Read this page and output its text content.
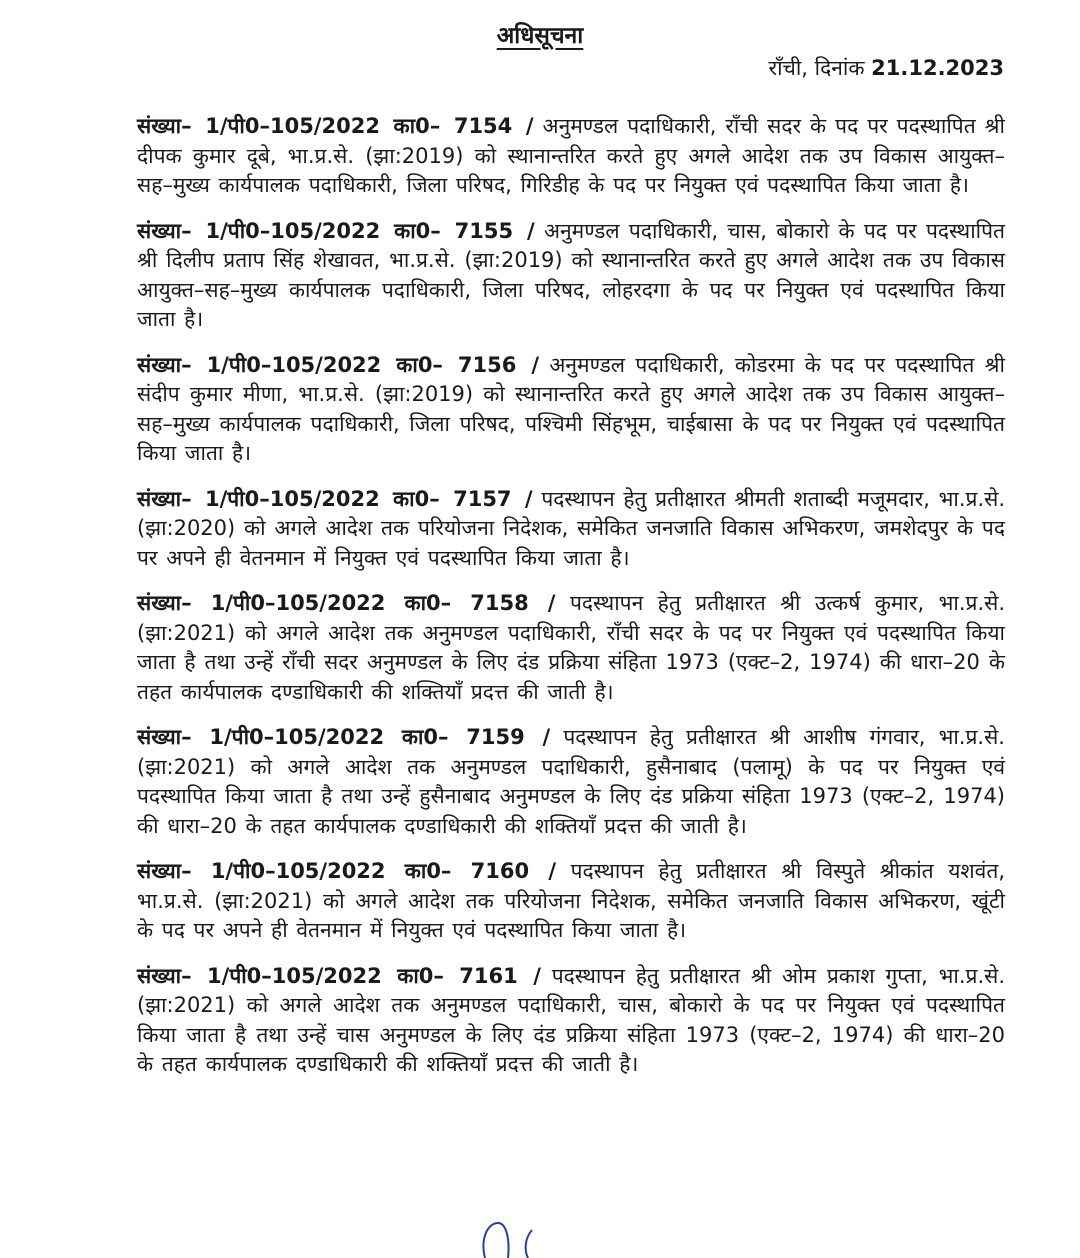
अधिसूचना
राँची, दिनांक 21.12.2023

संख्या– 1/पी0–105/2022 का0– 7154 / अनुमण्डल पदाधिकारी, राँची सदर के पद पर पदस्थापित श्री दीपक कुमार दूबे, भा.प्र.से. (झा:2019) को स्थानान्तरित करते हुए अगले आदेश तक उप विकास आयुक्त–सह–मुख्य कार्यपालक पदाधिकारी, जिला परिषद, गिरिडीह के पद पर नियुक्त एवं पदस्थापित किया जाता है।

संख्या– 1/पी0–105/2022 का0– 7155 / अनुमण्डल पदाधिकारी, चास, बोकारो के पद पर पदस्थापित श्री दिलीप प्रताप सिंह शेखावत, भा.प्र.से. (झा:2019) को स्थानान्तरित करते हुए अगले आदेश तक उप विकास आयुक्त–सह–मुख्य कार्यपालक पदाधिकारी, जिला परिषद, लोहरदगा के पद पर नियुक्त एवं पदस्थापित किया जाता है।

संख्या– 1/पी0–105/2022 का0– 7156 / अनुमण्डल पदाधिकारी, कोडरमा के पद पर पदस्थापित श्री संदीप कुमार मीणा, भा.प्र.से. (झा:2019) को स्थानान्तरित करते हुए अगले आदेश तक उप विकास आयुक्त–सह–मुख्य कार्यपालक पदाधिकारी, जिला परिषद, पश्चिमी सिंहभूम, चाईबासा के पद पर नियुक्त एवं पदस्थापित किया जाता है।

संख्या– 1/पी0–105/2022 का0– 7157 / पदस्थापन हेतु प्रतीक्षारत श्रीमती शताब्दी मजूमदार, भा.प्र.से. (झा:2020) को अगले आदेश तक परियोजना निदेशक, समेकित जनजाति विकास अभिकरण, जमशेदपुर के पद पर अपने ही वेतनमान में नियुक्त एवं पदस्थापित किया जाता है।

संख्या– 1/पी0–105/2022 का0– 7158 / पदस्थापन हेतु प्रतीक्षारत श्री उत्कर्ष कुमार, भा.प्र.से. (झा:2021) को अगले आदेश तक अनुमण्डल पदाधिकारी, राँची सदर के पद पर नियुक्त एवं पदस्थापित किया जाता है तथा उन्हें राँची सदर अनुमण्डल के लिए दंड प्रक्रिया संहिता 1973 (एक्ट–2, 1974) की धारा–20 के तहत कार्यपालक दण्डाधिकारी की शक्तियाँ प्रदत्त की जाती है।

संख्या– 1/पी0–105/2022 का0– 7159 / पदस्थापन हेतु प्रतीक्षारत श्री आशीष गंगवार, भा.प्र.से. (झा:2021) को अगले आदेश तक अनुमण्डल पदाधिकारी, हुसैनाबाद (पलामू) के पद पर नियुक्त एवं पदस्थापित किया जाता है तथा उन्हें हुसैनाबाद अनुमण्डल के लिए दंड प्रक्रिया संहिता 1973 (एक्ट–2, 1974) की धारा–20 के तहत कार्यपालक दण्डाधिकारी की शक्तियाँ प्रदत्त की जाती है।

संख्या– 1/पी0–105/2022 का0– 7160 / पदस्थापन हेतु प्रतीक्षारत श्री विस्पुते श्रीकांत यशवंत, भा.प्र.से. (झा:2021) को अगले आदेश तक परियोजना निदेशक, समेकित जनजाति विकास अभिकरण, खूंटी के पद पर अपने ही वेतनमान में नियुक्त एवं पदस्थापित किया जाता है।

संख्या– 1/पी0–105/2022 का0– 7161 / पदस्थापन हेतु प्रतीक्षारत श्री ओम प्रकाश गुप्ता, भा.प्र.से. (झा:2021) को अगले आदेश तक अनुमण्डल पदाधिकारी, चास, बोकारो के पद पर नियुक्त एवं पदस्थापित किया जाता है तथा उन्हें चास अनुमण्डल के लिए दंड प्रक्रिया संहिता 1973 (एक्ट–2, 1974) की धारा–20 के तहत कार्यपालक दण्डाधिकारी की शक्तियाँ प्रदत्त की जाती है।
